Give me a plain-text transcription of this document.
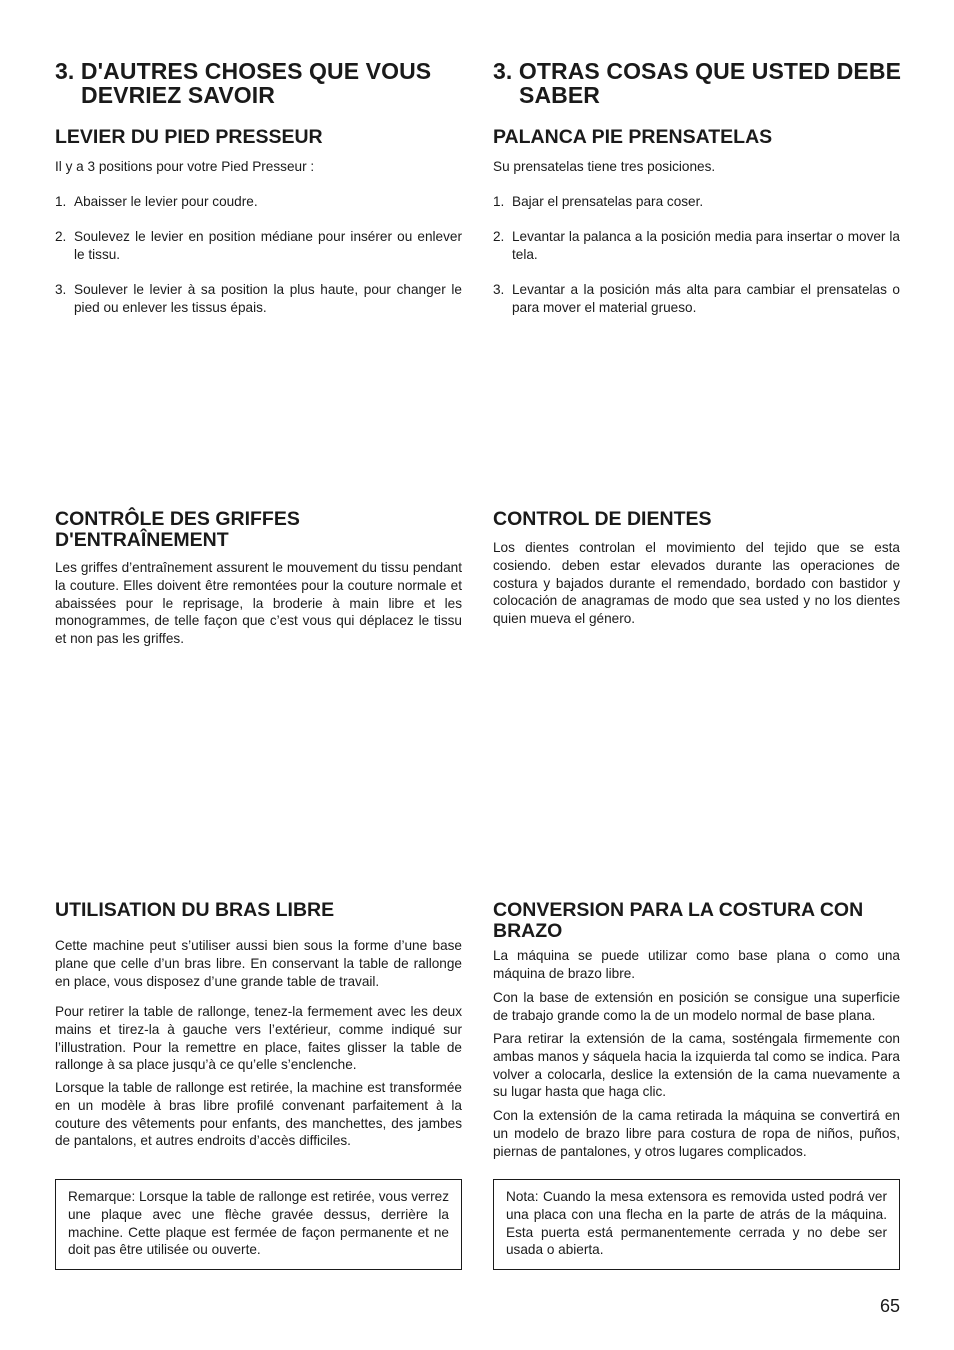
3. D'AUTRES CHOSES QUE VOUS DEVRIEZ SAVOIR
LEVIER DU PIED PRESSEUR

Il y a 3 positions pour votre Pied Presseur :

1. Abaisser le levier pour coudre.
2. Soulevez le levier en position médiane pour insérer ou enlever le tissu.
3. Soulever le levier à sa position la plus haute, pour changer le pied ou enlever les tissus épais.
CONTRÔLE DES GRIFFES D'ENTRAÎNEMENT

Les griffes d’entraînement assurent le mouvement du tissu pendant la couture. Elles doivent être remontées pour la couture normale et abaissées pour le reprisage, la broderie à main libre et les monogrammes, de telle façon que c’est vous qui déplacez le tissu et non pas les griffes.

UTILISATION DU BRAS LIBRE

Cette machine peut s’utiliser aussi bien sous la forme d’une base plane que celle d’un bras libre. En conservant la table de rallonge en place, vous disposez d’une grande table de travail.

Pour retirer la table de rallonge, tenez-la fermement avec les deux mains et tirez-la à gauche vers l’extérieur, comme indiqué sur l’illustration. Pour la remettre en place, faites glisser la table de rallonge à sa place jusqu’à ce qu’elle s’enclenche.

Lorsque la table de rallonge est retirée, la machine est transformée en un modèle à bras libre profilé convenant parfaitement à la couture des vêtements pour enfants, des manchettes, des jambes de pantalons, et autres endroits d’accès difficiles.

Remarque: Lorsque la table de rallonge est retirée, vous verrez une plaque avec une flèche gravée dessus, derrière la machine. Cette plaque est fermée de façon permanente et ne doit pas être utilisée ou ouverte.

3. OTRAS COSAS QUE USTED DEBE SABER
PALANCA PIE PRENSATELAS

Su prensatelas tiene tres posiciones.

1. Bajar el prensatelas para coser.
2. Levantar la palanca a la posición media para insertar o mover la tela.
3. Levantar a la posición más alta para cambiar el prensatelas o para mover el material grueso.
CONTROL DE DIENTES

Los dientes controlan el movimiento del tejido que se esta cosiendo. deben estar elevados durante las operaciones de costura y bajados durante el remendado, bordado con bastidor y colocación de anagramas de modo que sea usted y no los dientes quien mueva el género.

CONVERSION PARA LA COSTURA CON BRAZO

La máquina se puede utilizar como base plana o como una máquina de brazo libre.

Con la base de extensión en posición se consigue una superficie de trabajo grande como la de un modelo normal de base plana.

Para retirar la extensión de la cama, sosténgala firmemente con ambas manos y sáquela hacia la izquierda tal como se indica. Para volver a colocarla, deslice la extensión de la cama nuevamente a su lugar hasta que haga clic.

Con la extensión de la cama retirada la máquina se convertirá en un modelo de brazo libre para costura de ropa de niños, puños, piernas de pantalones, y otros lugares complicados.

Nota: Cuando la mesa extensora es removida usted podrá ver una placa con una flecha en la parte de atrás de la máquina. Esta puerta está permanentemente cerrada y no debe ser usada o abierta.

65
